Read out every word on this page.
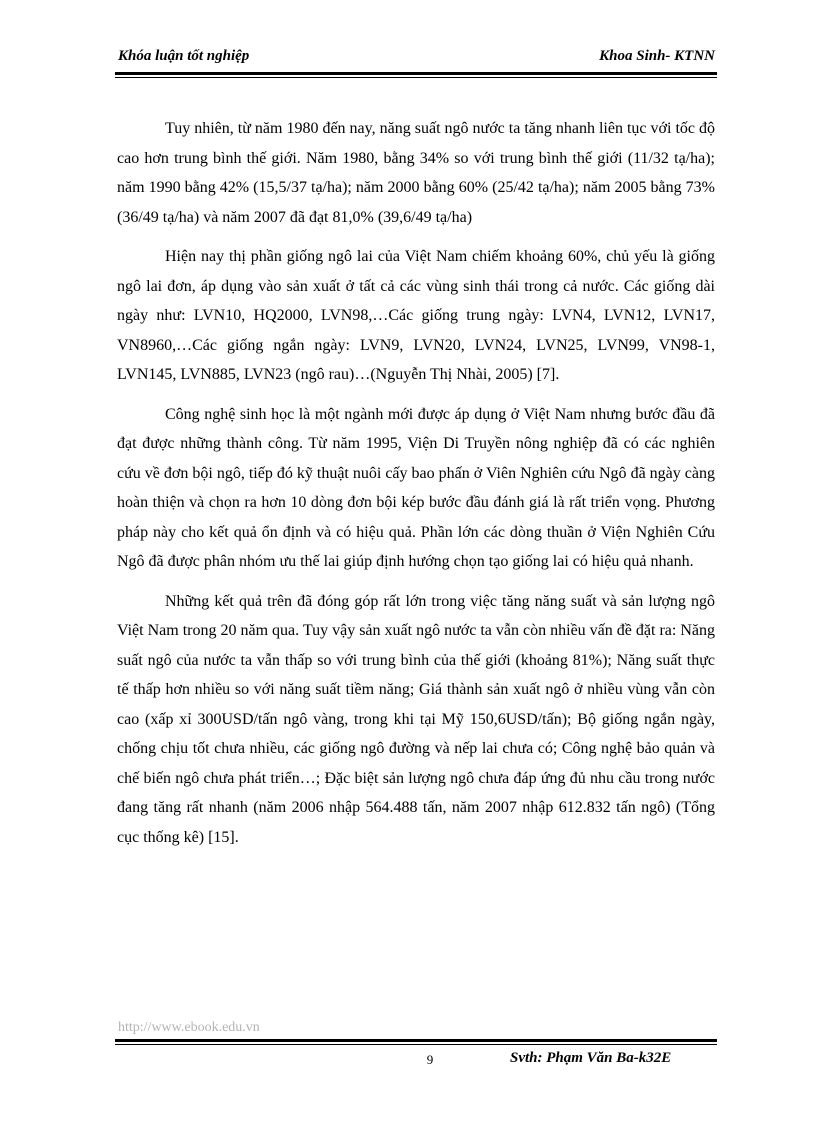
Khóa luận tốt nghiệp	Khoa Sinh- KTNN

Tuy nhiên, từ năm 1980 đến nay, năng suất ngô nước ta tăng nhanh liên tục với tốc độ cao hơn trung bình thế giới. Năm 1980, bằng 34% so với trung bình thế giới (11/32 tạ/ha); năm 1990 bằng 42% (15,5/37 tạ/ha); năm 2000 bằng 60% (25/42 tạ/ha); năm 2005 bằng 73% (36/49 tạ/ha) và năm 2007 đã đạt 81,0% (39,6/49 tạ/ha)

Hiện nay thị phần giống ngô lai của Việt Nam chiếm khoảng 60%, chủ yếu là giống ngô lai đơn, áp dụng vào sản xuất ở tất cả các vùng sinh thái trong cả nước. Các giống dài ngày như: LVN10, HQ2000, LVN98,…Các giống trung ngày: LVN4, LVN12, LVN17, VN8960,…Các giống ngắn ngày: LVN9, LVN20, LVN24, LVN25, LVN99, VN98-1, LVN145, LVN885, LVN23 (ngô rau)…(Nguyễn Thị Nhài, 2005) [7].

Công nghệ sinh học là một ngành mới được áp dụng ở Việt Nam nhưng bước đầu đã đạt được những thành công. Từ năm 1995, Viện Di Truyền nông nghiệp đã có các nghiên cứu về đơn bội ngô, tiếp đó kỹ thuật nuôi cấy bao phấn ở Viên Nghiên cứu Ngô đã ngày càng hoàn thiện và chọn ra hơn 10 dòng đơn bội kép bước đầu đánh giá là rất triển vọng. Phương pháp này cho kết quả ổn định và có hiệu quả. Phần lớn các dòng thuần ở Viện Nghiên Cứu Ngô đã được phân nhóm ưu thế lai giúp định hướng chọn tạo giống lai có hiệu quả nhanh.

Những kết quả trên đã đóng góp rất lớn trong việc tăng năng suất và sản lượng ngô Việt Nam trong 20 năm qua. Tuy vậy sản xuất ngô nước ta vẫn còn nhiều vấn đề đặt ra: Năng suất ngô của nước ta vẫn thấp so với trung bình của thế giới (khoảng 81%); Năng suất thực tế thấp hơn nhiều so với năng suất tiềm năng; Giá thành sản xuất ngô ở nhiều vùng vẫn còn cao (xấp xỉ 300USD/tấn ngô vàng, trong khi tại Mỹ 150,6USD/tấn); Bộ giống ngắn ngày, chống chịu tốt chưa nhiều, các giống ngô đường và nếp lai chưa có; Công nghệ bảo quản và chế biến ngô chưa phát triển…; Đặc biệt sản lượng ngô chưa đáp ứng đủ nhu cầu trong nước đang tăng rất nhanh (năm 2006 nhập 564.488 tấn, năm 2007 nhập 612.832 tấn ngô) (Tổng cục thống kê) [15].

http://www.ebook.edu.vn
9	Svth: Phạm Văn Ba-k32E
